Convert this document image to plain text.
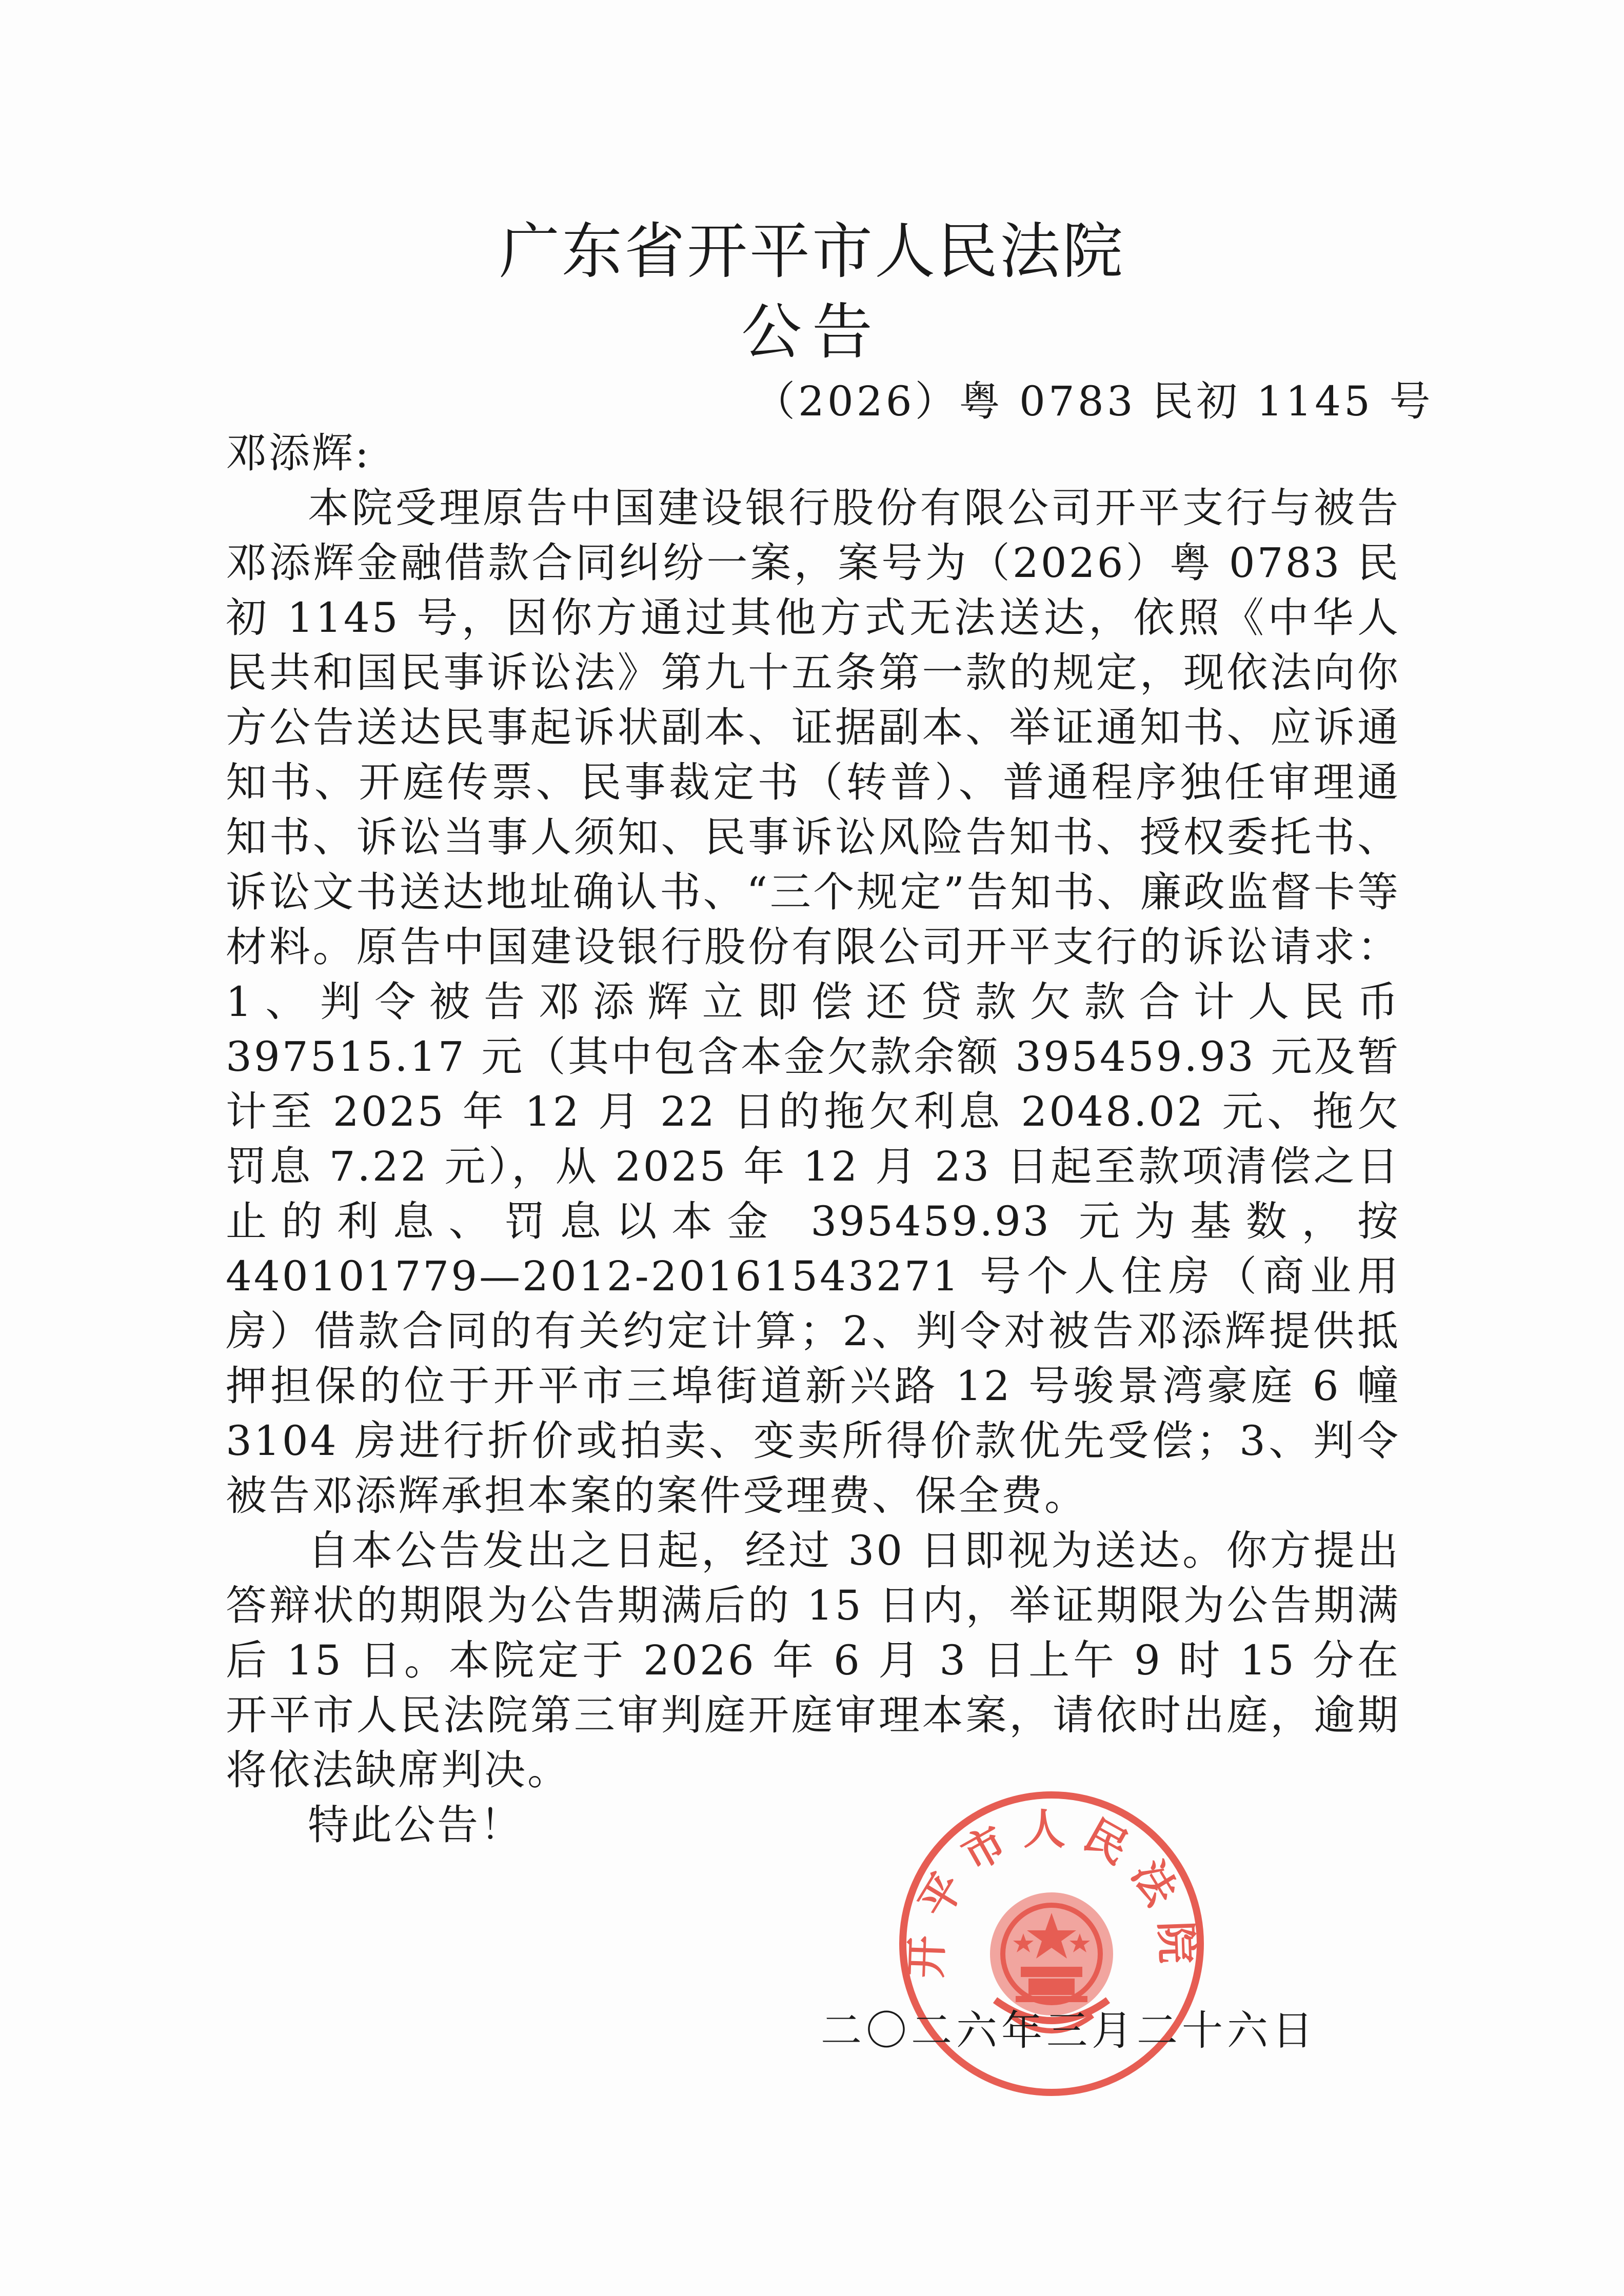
广东省开平市人民法院
公告
（2026）粤 0783 民初 1145 号

邓添辉:

本院受理原告中国建设银行股份有限公司开平支行与被告邓添辉金融借款合同纠纷一案，案号为（2026）粤 0783 民初 1145 号，因你方通过其他方式无法送达，依照《中华人民共和国民事诉讼法》第九十五条第一款的规定，现依法向你方公告送达民事起诉状副本、证据副本、举证通知书、应诉通知书、开庭传票、民事裁定书（转普）、普通程序独任审理通知书、诉讼当事人须知、民事诉讼风险告知书、授权委托书、诉讼文书送达地址确认书、“三个规定”告知书、廉政监督卡等材料。原告中国建设银行股份有限公司开平支行的诉讼请求：1、判令被告邓添辉立即偿还贷款欠款合计人民币 397515.17 元（其中包含本金欠款余额 395459.93 元及暂计至 2025 年 12 月 22 日的拖欠利息 2048.02 元、拖欠罚息 7.22 元），从 2025 年 12 月 23 日起至款项清偿之日止的利息、罚息以本金 395459.93 元为基数，按 440101779—2012-20161543271 号个人住房（商业用房）借款合同的有关约定计算；2、判令对被告邓添辉提供抵押担保的位于开平市三埠街道新兴路 12 号骏景湾豪庭 6 幢 3104 房进行折价或拍卖、变卖所得价款优先受偿；3、判令被告邓添辉承担本案的案件受理费、保全费。

自本公告发出之日起，经过 30 日即视为送达。你方提出答辩状的期限为公告期满后的 15 日内，举证期限为公告期满后 15 日。本院定于 2026 年 6 月 3 日上午 9 时 15 分在开平市人民法院第三审判庭开庭审理本案，请依时出庭，逾期将依法缺席判决。

特此公告！

开平市人民法院
二〇二六年三月二十六日
